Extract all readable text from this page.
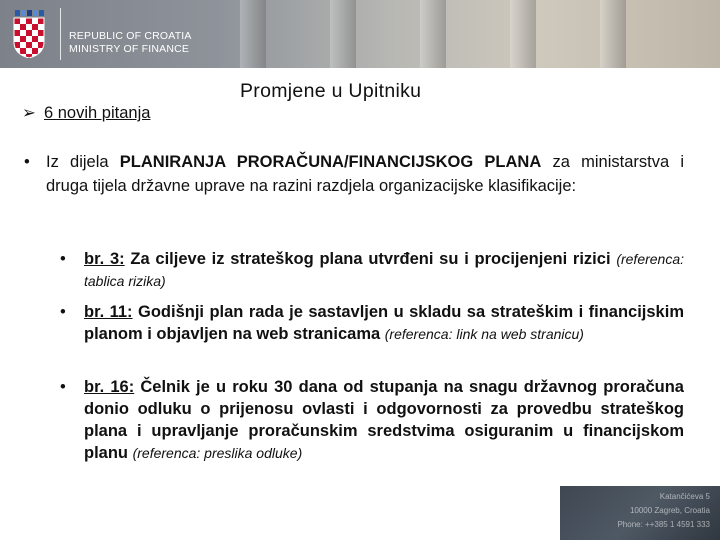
REPUBLIC OF CROATIA
MINISTRY OF FINANCE
Promjene u Upitniku
➢ 6 novih pitanja
• Iz dijela PLANIRANJA PRORAČUNA/FINANCIJSKOG PLANA za ministarstva i druga tijela državne uprave na razini razdjela organizacijske klasifikacije:
• br. 3: Za ciljeve iz strateškog plana utvrđeni su i procijenjeni rizici (referenca: tablica rizika)
• br. 11: Godišnji plan rada je sastavljen u skladu sa strateškim i financijskim planom i objavljen na web stranicama (referenca: link na web stranicu)
• br. 16: Čelnik je u roku 30 dana od stupanja na snagu državnog proračuna donio odluku o prijenosu ovlasti i odgovornosti za provedbu strateškog plana i upravljanje proračunskim sredstvima osiguranim u financijskom planu (referenca: preslika odluke)
Katančićeva 5
10000 Zagreb, Croatia
Phone: ++385 1 4591 333
